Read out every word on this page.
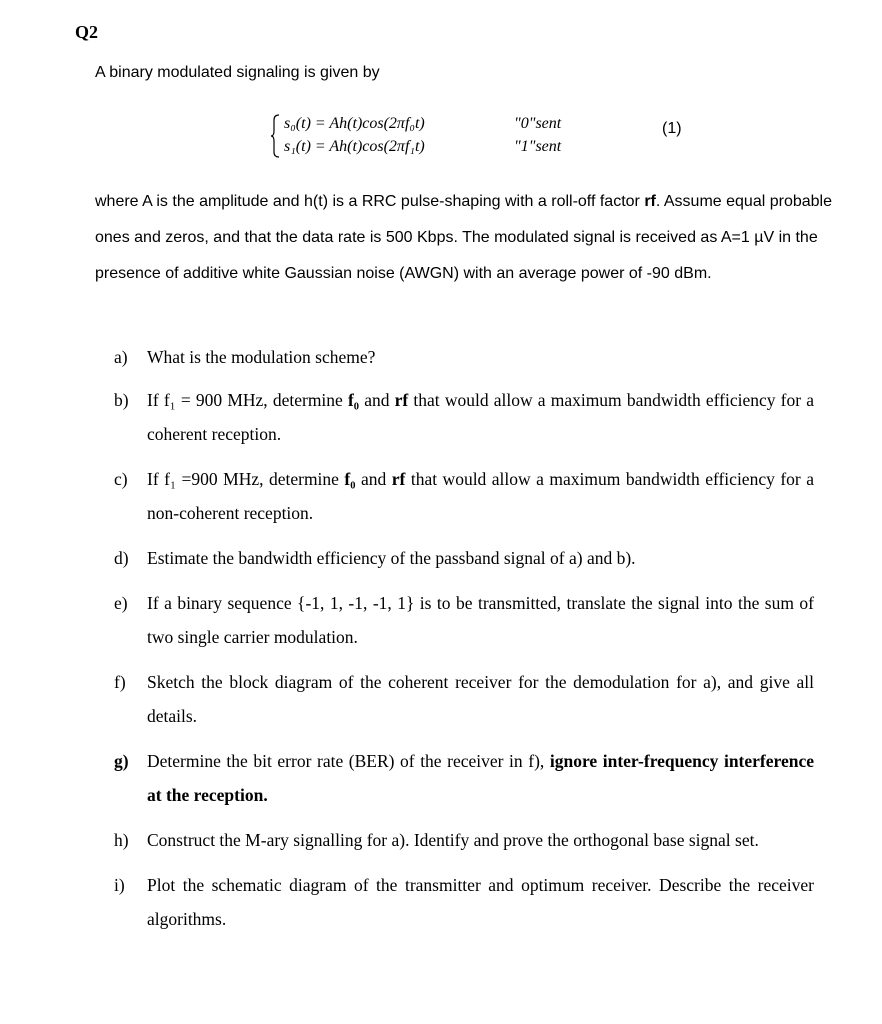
Q2
A binary modulated signaling is given by
s₀(t) = Ah(t)cos(2πf₀t)	"0"sent
s₁(t) = Ah(t)cos(2πf₁t)	"1"sent
(1)
where A is the amplitude and h(t) is a RRC pulse-shaping with a roll-off factor rf. Assume equal probable ones and zeros, and that the data rate is 500 Kbps. The modulated signal is received as A=1 µV in the presence of additive white Gaussian noise (AWGN) with an average power of -90 dBm.
a) What is the modulation scheme?
b) If f₁ = 900 MHz, determine f₀ and rf that would allow a maximum bandwidth efficiency for a coherent reception.
c) If f₁ =900 MHz, determine f₀ and rf that would allow a maximum bandwidth efficiency for a non-coherent reception.
d) Estimate the bandwidth efficiency of the passband signal of a) and b).
e) If a binary sequence {-1, 1, -1, -1, 1} is to be transmitted, translate the signal into the sum of two single carrier modulation.
f) Sketch the block diagram of the coherent receiver for the demodulation for a), and give all details.
g) Determine the bit error rate (BER) of the receiver in f), ignore inter-frequency interference at the reception.
h) Construct the M-ary signalling for a). Identify and prove the orthogonal base signal set.
i) Plot the schematic diagram of the transmitter and optimum receiver. Describe the receiver algorithms.
